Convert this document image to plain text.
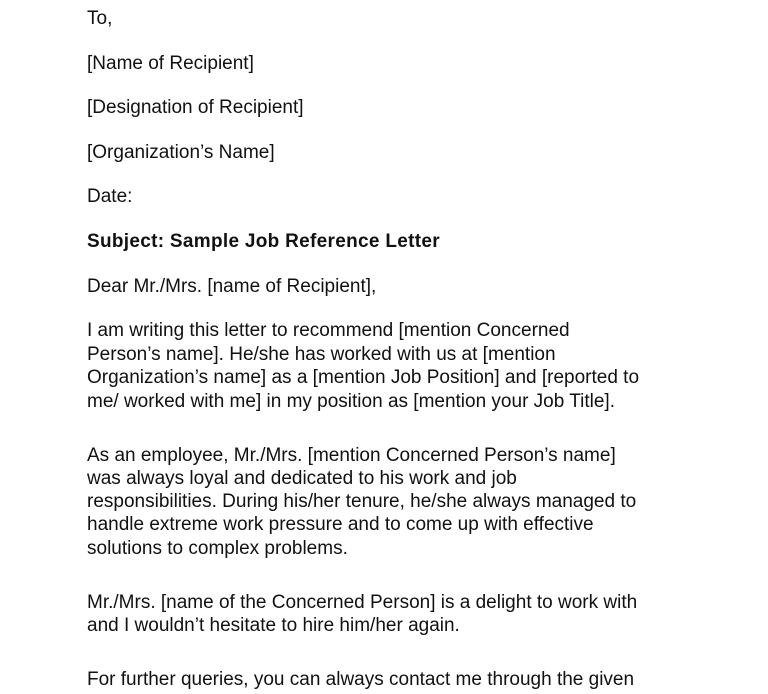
To,
[Name of Recipient]
[Designation of Recipient]
[Organization’s Name]
Date:
Subject: Sample Job Reference Letter
Dear Mr./Mrs. [name of Recipient],
I am writing this letter to recommend [mention Concerned
Person’s name]. He/she has worked with us at [mention
Organization’s name] as a [mention Job Position] and [reported to
me/ worked with me] in my position as [mention your Job Title].
As an employee, Mr./Mrs. [mention Concerned Person’s name]
was always loyal and dedicated to his work and job
responsibilities. During his/her tenure, he/she always managed to
handle extreme work pressure and to come up with effective
solutions to complex problems.
Mr./Mrs. [name of the Concerned Person] is a delight to work with
and I wouldn’t hesitate to hire him/her again.
For further queries, you can always contact me through the given
